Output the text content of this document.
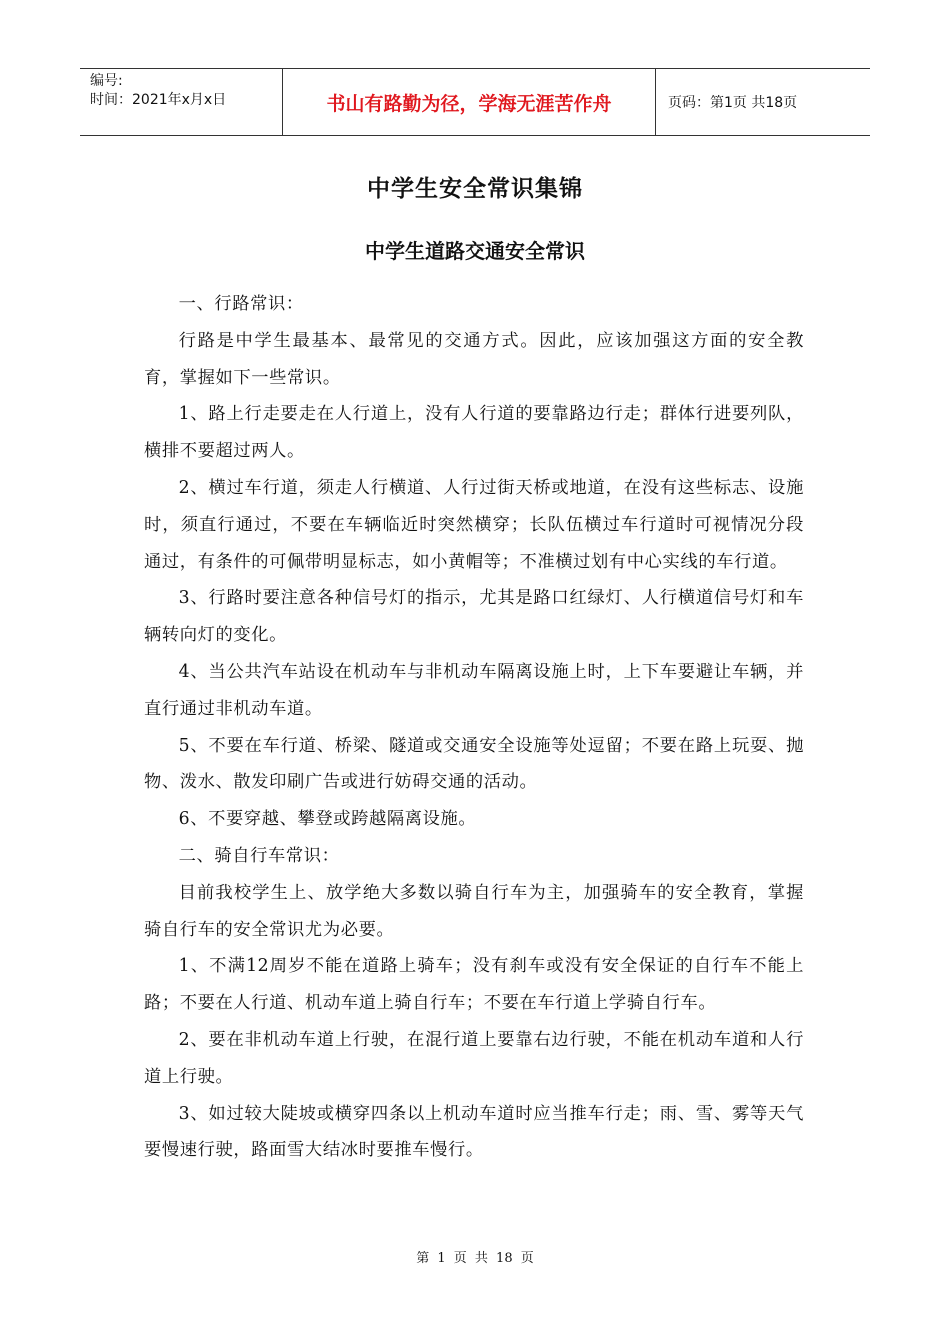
编号:
时间：2021年x月x日	书山有路勤为径，学海无涯苦作舟	页码：第1页 共18页
中学生安全常识集锦
中学生道路交通安全常识

一、行路常识：

行路是中学生最基本、最常见的交通方式。因此，应该加强这方面的安全教育，掌握如下一些常识。

1、路上行走要走在人行道上，没有人行道的要靠路边行走；群体行进要列队，横排不要超过两人。

2、横过车行道，须走人行横道、人行过街天桥或地道，在没有这些标志、设施时，须直行通过，不要在车辆临近时突然横穿；长队伍横过车行道时可视情况分段通过，有条件的可佩带明显标志，如小黄帽等；不准横过划有中心实线的车行道。

3、行路时要注意各种信号灯的指示，尤其是路口红绿灯、人行横道信号灯和车辆转向灯的变化。

4、当公共汽车站设在机动车与非机动车隔离设施上时，上下车要避让车辆，并直行通过非机动车道。

5、不要在车行道、桥梁、隧道或交通安全设施等处逗留；不要在路上玩耍、抛物、泼水、散发印刷广告或进行妨碍交通的活动。

6、不要穿越、攀登或跨越隔离设施。

二、骑自行车常识：

目前我校学生上、放学绝大多数以骑自行车为主，加强骑车的安全教育，掌握骑自行车的安全常识尤为必要。

1、不满12周岁不能在道路上骑车；没有刹车或没有安全保证的自行车不能上路；不要在人行道、机动车道上骑自行车；不要在车行道上学骑自行车。

2、要在非机动车道上行驶，在混行道上要靠右边行驶，不能在机动车道和人行道上行驶。

3、如过较大陡坡或横穿四条以上机动车道时应当推车行走；雨、雪、雾等天气要慢速行驶，路面雪大结冰时要推车慢行。

第 1 页 共 18 页
